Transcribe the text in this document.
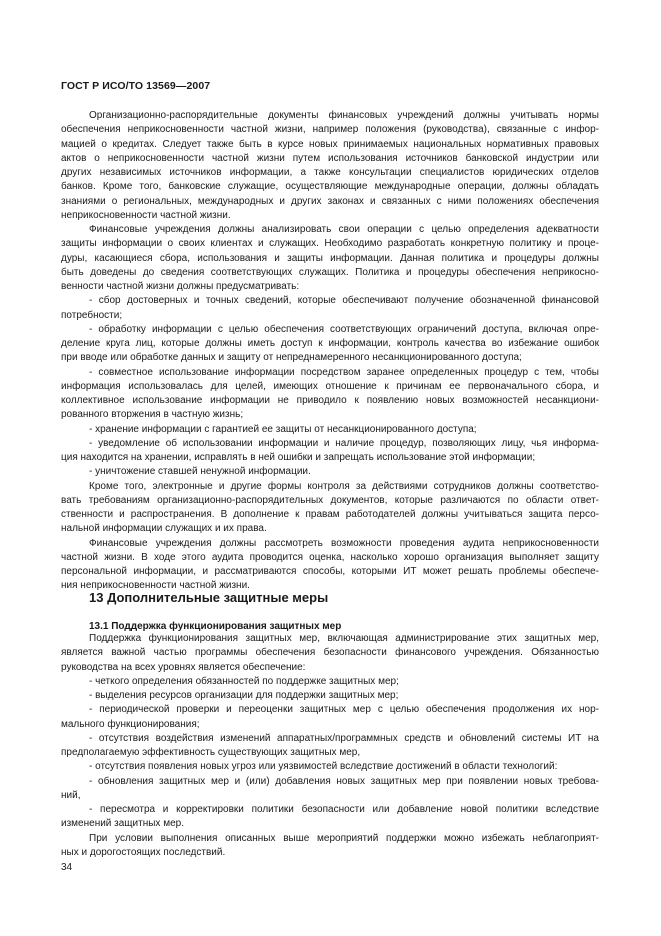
ГОСТ Р ИСО/ТО 13569—2007
Организационно-распорядительные документы финансовых учреждений должны учитывать нормы
обеспечения неприкосновенности частной жизни, например положения (руководства), связанные с инфор-
мацией о кредитах. Следует также быть в курсе новых принимаемых национальных нормативных правовых
актов о неприкосновенности частной жизни путем использования источников банковской индустрии или
других независимых источников информации, а также консультации специалистов юридических отделов
банков. Кроме того, банковские служащие, осуществляющие международные операции, должны обладать
знаниями о региональных, международных и других законах и связанных с ними положениях обеспечения
неприкосновенности частной жизни.
Финансовые учреждения должны анализировать свои операции с целью определения адекватности
защиты информации о своих клиентах и служащих. Необходимо разработать конкретную политику и проце-
дуры, касающиеся сбора, использования и защиты информации. Данная политика и процедуры должны
быть доведены до сведения соответствующих служащих. Политика и процедуры обеспечения неприкосно-
венности частной жизни должны предусматривать:
- сбор достоверных и точных сведений, которые обеспечивают получение обозначенной финансовой
потребности;
- обработку информации с целью обеспечения соответствующих ограничений доступа, включая опре-
деление круга лиц, которые должны иметь доступ к информации, контроль качества во избежание ошибок
при вводе или обработке данных и защиту от непреднамеренного несанкционированного доступа;
- совместное использование информации посредством заранее определенных процедур с тем, чтобы
информация использовалась для целей, имеющих отношение к причинам ее первоначального сбора, и
коллективное использование информации не приводило к появлению новых возможностей несанкциони-
рованного вторжения в частную жизнь;
- хранение информации с гарантией ее защиты от несанкционированного доступа;
- уведомление об использовании информации и наличие процедур, позволяющих лицу, чья информа-
ция находится на хранении, исправлять в ней ошибки и запрещать использование этой информации;
- уничтожение ставшей ненужной информации.
Кроме того, электронные и другие формы контроля за действиями сотрудников должны соответство-
вать требованиям организационно-распорядительных документов, которые различаются по области ответ-
ственности и распространения. В дополнение к правам работодателей должны учитываться защита персо-
нальной информации служащих и их права.
Финансовые учреждения должны рассмотреть возможности проведения аудита неприкосновенности
частной жизни. В ходе этого аудита проводится оценка, насколько хорошо организация выполняет защиту
персональной информации, и рассматриваются способы, которыми ИТ может решать проблемы обеспече-
ния неприкосновенности частной жизни.
13 Дополнительные защитные меры
13.1 Поддержка функционирования защитных мер
Поддержка функционирования защитных мер, включающая администрирование этих защитных мер,
является важной частью программы обеспечения безопасности финансового учреждения. Обязанностью
руководства на всех уровнях является обеспечение:
- четкого определения обязанностей по поддержке защитных мер;
- выделения ресурсов организации для поддержки защитных мер;
- периодической проверки и переоценки защитных мер с целью обеспечения продолжения их нор-
мального функционирования;
- отсутствия воздействия изменений аппаратных/программных средств и обновлений системы ИТ на
предполагаемую эффективность существующих защитных мер,
- отсутствия появления новых угроз или уязвимостей вследствие достижений в области технологий:
- обновления защитных мер и (или) добавления новых защитных мер при появлении новых требова-
ний,
- пересмотра и корректировки политики безопасности или добавление новой политики вследствие
изменений защитных мер.
При условии выполнения описанных выше мероприятий поддержки можно избежать неблагоприят-
ных и дорогостоящих последствий.
34
